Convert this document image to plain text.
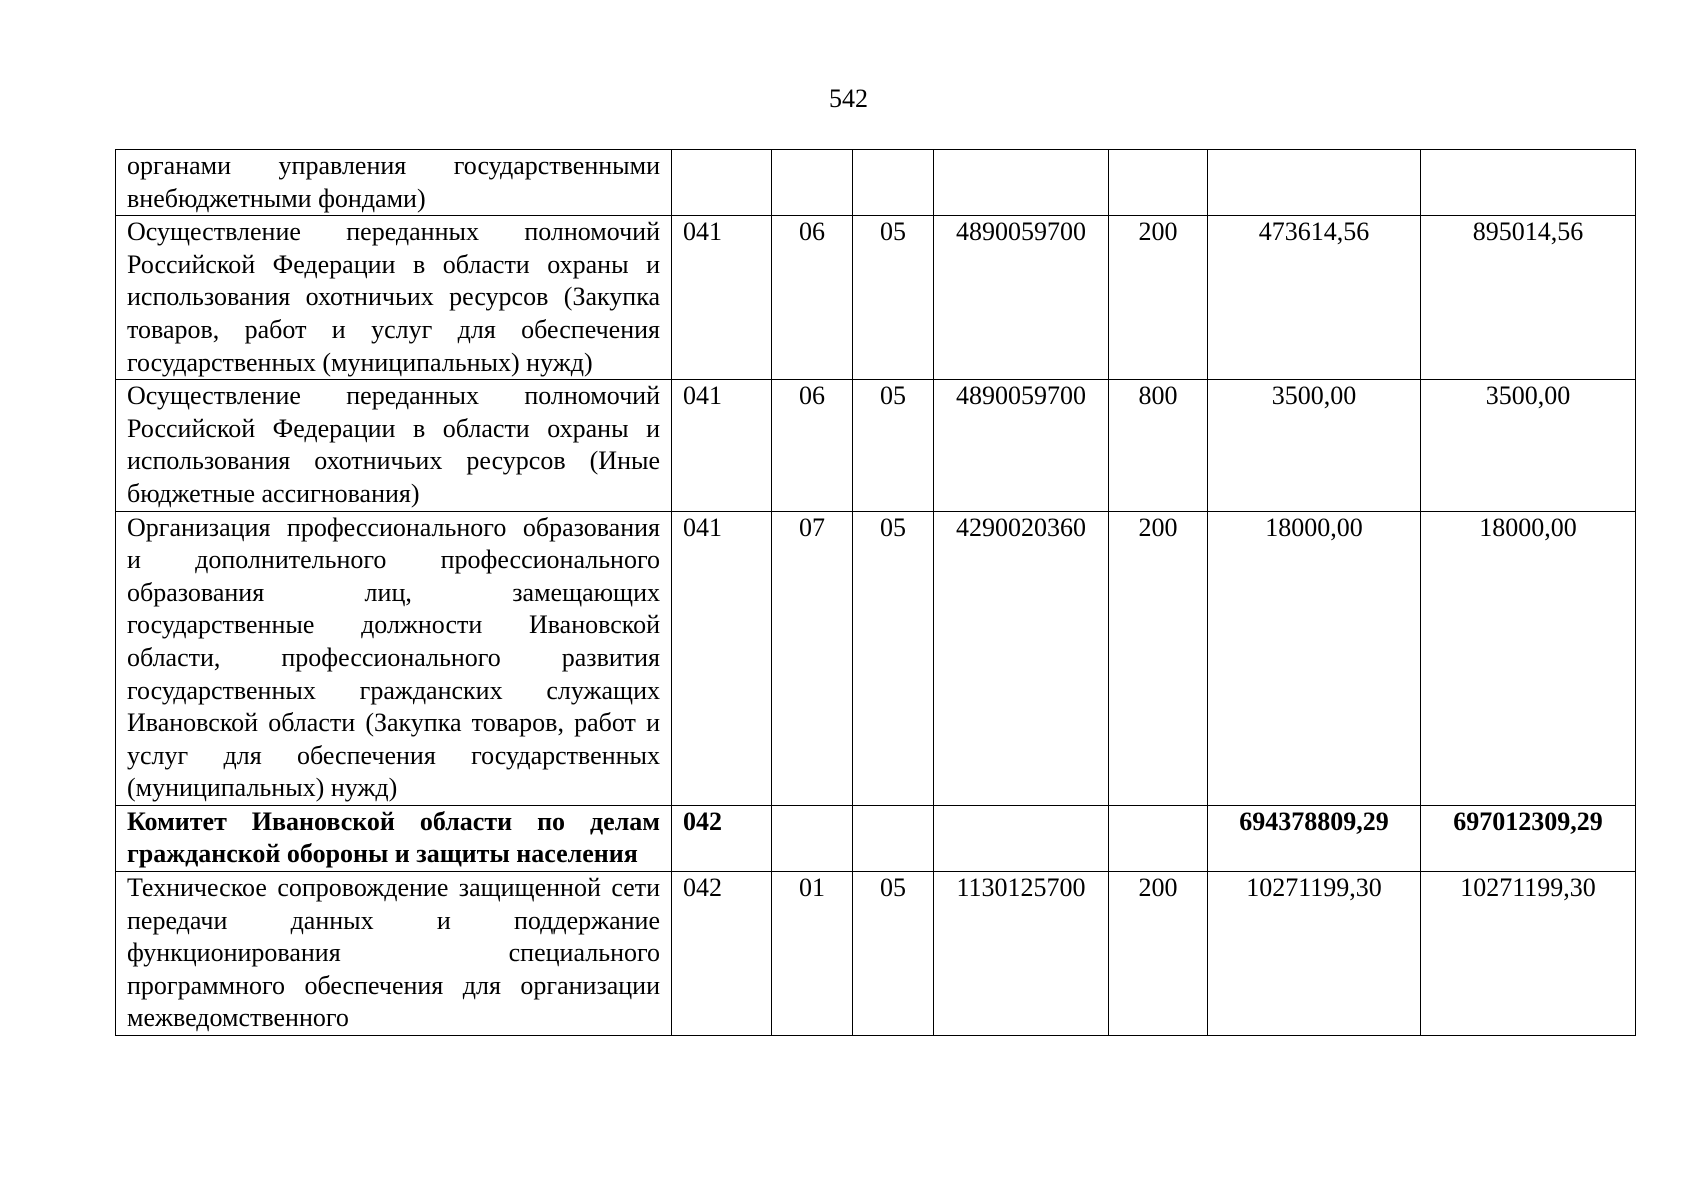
542
органами управления государственными внебюджетными фондами)							
Осуществление переданных полномочий Российской Федерации в области охраны и использования охотничьих ресурсов (Закупка товаров, работ и услуг для обеспечения государственных (муниципальных) нужд)	041	06	05	4890059700	200	473614,56	895014,56
Осуществление переданных полномочий Российской Федерации в области охраны и использования охотничьих ресурсов (Иные бюджетные ассигнования)	041	06	05	4890059700	800	3500,00	3500,00
Организация профессионального образования и дополнительного профессионального образования лиц, замещающих государственные должности Ивановской области, профессионального развития государственных гражданских служащих Ивановской области (Закупка товаров, работ и услуг для обеспечения государственных (муниципальных) нужд)	041	07	05	4290020360	200	18000,00	18000,00
Комитет Ивановской области по делам гражданской обороны и защиты населения	042					694378809,29	697012309,29
Техническое сопровождение защищенной сети передачи данных и поддержание функционирования специального программного обеспечения для организации межведомственного	042	01	05	1130125700	200	10271199,30	10271199,30
